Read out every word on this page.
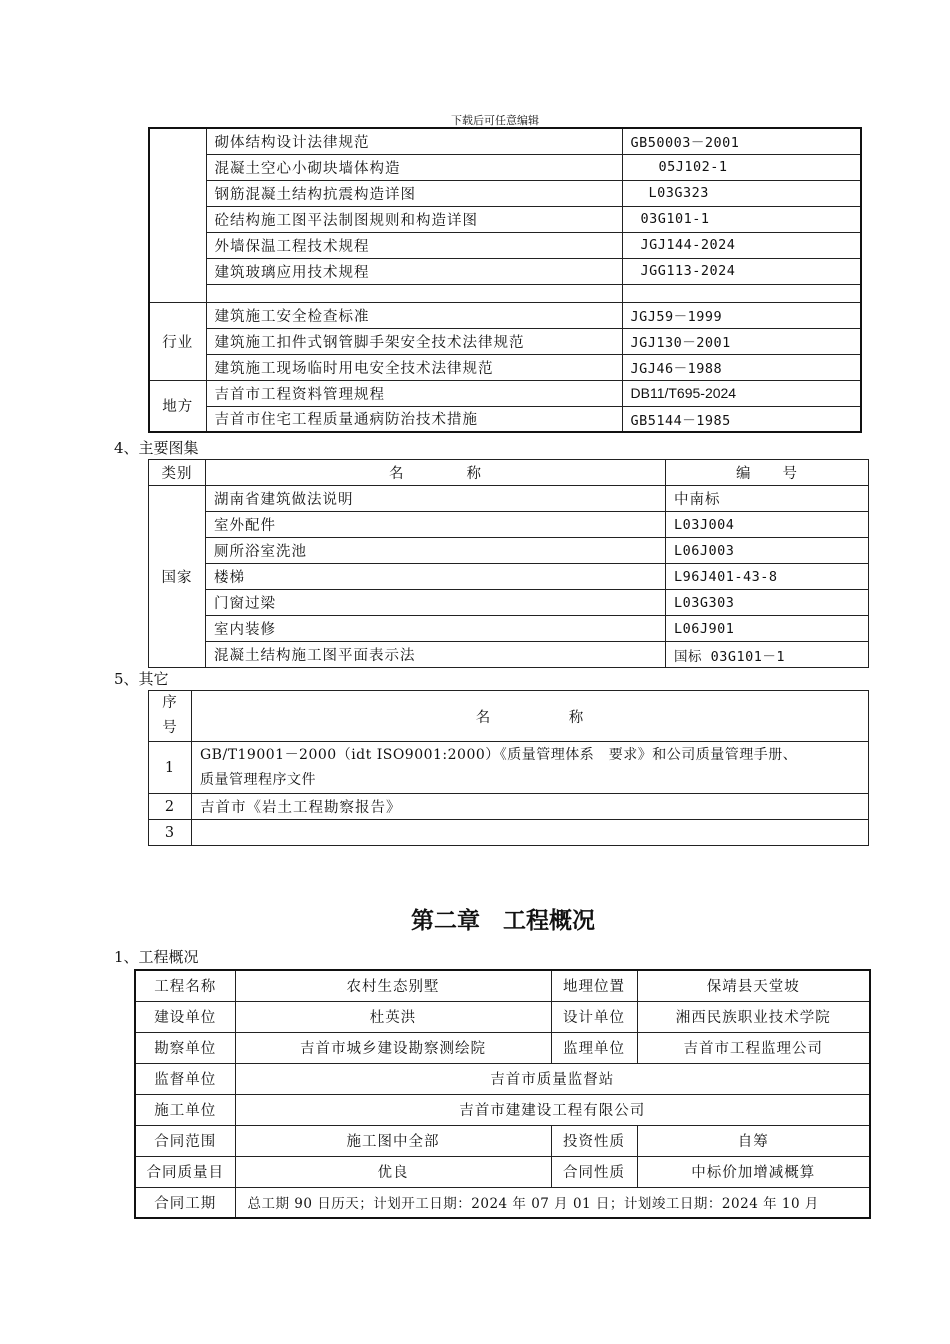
下载后可任意编辑
	砌体结构设计法律规范	GB50003－2001
	混凝土空心小砌块墙体构造	05J102-1
	钢筋混凝土结构抗震构造详图	L03G323
	砼结构施工图平法制图规则和构造详图	03G101-1
	外墙保温工程技术规程	JGJ144-2024
	建筑玻璃应用技术规程	JGG113-2024

行业	建筑施工安全检查标准	JGJ59－1999
	建筑施工扣件式钢管脚手架安全技术法律规范	JGJ130－2001
	建筑施工现场临时用电安全技术法律规范	JGJ46－1988
地方	吉首市工程资料管理规程	DB11/T695-2024
	吉首市住宅工程质量通病防治技术措施	GB5144－1985
4、主要图集
类别	名　　　　称	编　　号
国家	湖南省建筑做法说明	中南标
	室外配件	L03J004
	厕所浴室洗池	L06J003
	楼梯	L96J401-43-8
	门窗过梁	L03G303
	室内装修	L06J901
	混凝土结构施工图平面表示法	国标 03G101－1
5、其它
序
号	名　　　　　称
1	GB/T19001－2000（idt ISO9001:2000）《质量管理体系　要求》和公司质量管理手册、
质量管理程序文件

2	吉首市《岩土工程勘察报告》
3	
第二章　工程概况
1、工程概况
工程名称	农村生态别墅	地理位置	保靖县天堂坡
建设单位	杜英洪	设计单位	湘西民族职业技术学院
勘察单位	吉首市城乡建设勘察测绘院	监理单位	吉首市工程监理公司
监督单位	吉首市质量监督站		
施工单位	吉首市建建设工程有限公司		
合同范围	施工图中全部	投资性质	自筹
合同质量目	优良	合同性质	中标价加增减概算
合同工期	总工期 90 日历天；计划开工日期：2024 年 07 月 01 日；计划竣工日期：2024 年 10 月		
